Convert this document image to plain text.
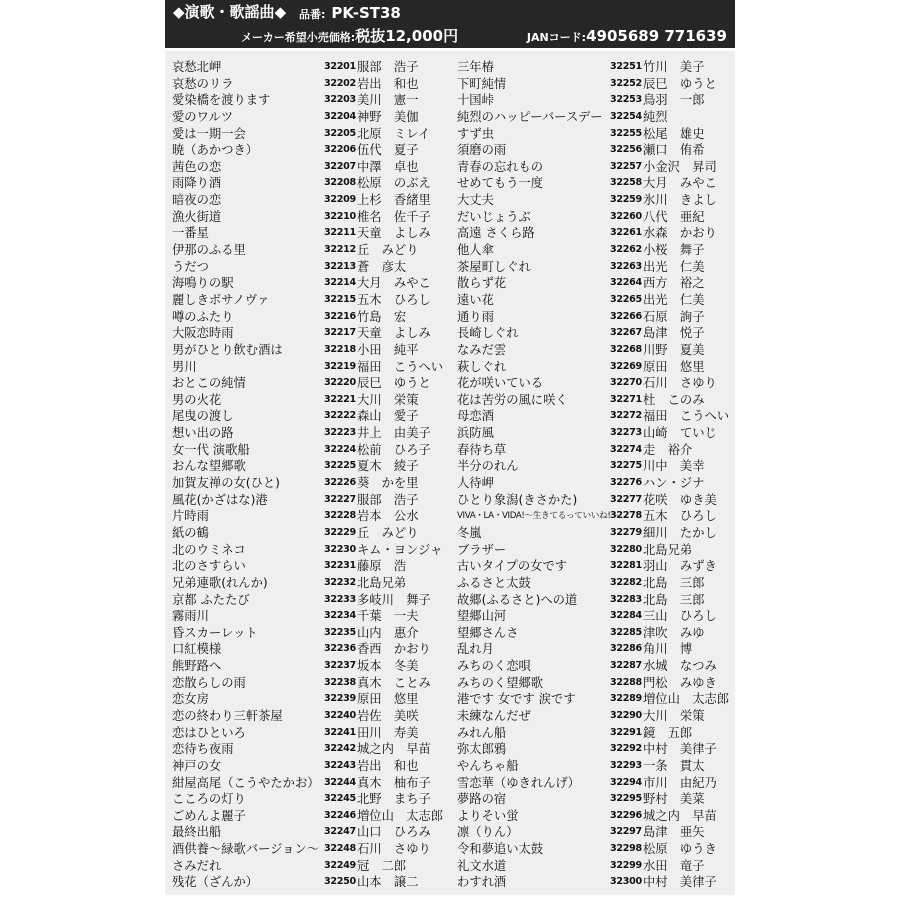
◆演歌・歌謡曲◆ 品番: PK-ST38
メーカー希望小売価格:税抜12,000円	JANコード:4905689 771639
哀愁北岬	32201 服部　浩子
哀愁のリラ	32202 岩出　和也
愛染橋を渡ります	32203 美川　憲一
愛のワルツ	32204 神野　美伽
愛は一期一会	32205 北原　ミレイ
暁（あかつき）	32206 伍代　夏子
茜色の恋	32207 中澤　卓也
雨降り酒	32208 松原　のぶえ
暗夜の恋	32209 上杉　香緒里
漁火街道	32210 椎名　佐千子
一番星	32211 天童　よしみ
伊那のふる里	32212 丘　みどり
うだつ	32213 蒼　彦太
海鳴りの駅	32214 大月　みやこ
麗しきボサノヴァ	32215 五木　ひろし
噂のふたり	32216 竹島　宏
大阪恋時雨	32217 天童　よしみ
男がひとり飲む酒は	32218 小田　純平
男川	32219 福田　こうへい
おとこの純情	32220 辰巳　ゆうと
男の火花	32221 大川　栄策
尾曳の渡し	32222 森山　愛子
想い出の路	32223 井上　由美子
女一代 演歌船	32224 松前　ひろ子
おんな望郷歌	32225 夏木　綾子
加賀友禅の女(ひと)	32226 葵　かを里
風花(かざはな)港	32227 服部　浩子
片時雨	32228 岩本　公水
紙の鶴	32229 丘　みどり
北のウミネコ	32230 キム・ヨンジャ
北のさすらい	32231 藤原　浩
兄弟連歌(れんか)	32232 北島兄弟
京都 ふたたび	32233 多岐川　舞子
霧雨川	32234 千葉　一夫
昏スカーレット	32235 山内　惠介
口紅模様	32236 香西　かおり
熊野路へ	32237 坂本　冬美
恋散らしの雨	32238 真木　ことみ
恋女房	32239 原田　悠里
恋の終わり三軒茶屋	32240 岩佐　美咲
恋はひといろ	32241 田川　寿美
恋待ち夜雨	32242 城之内　早苗
神戸の女	32243 岩出　和也
紺屋高尾（こうやたかお） 32244 真木　柚布子
こころの灯り	32245 北野　まち子
ごめんよ麗子	32246 増位山　太志郎
最終出船	32247 山口　ひろみ
酒供養～緑歌バージョン～ 32248 石川　さゆり
さみだれ	32249 冠　二郎
残花（ざんか）	32250 山本　譲二
三年椿	32251 竹川　美子
下町純情	32252 辰巳　ゆうと
十国峠	32253 鳥羽　一郎
純烈のハッピーバースデー 32254 純烈
すず虫	32255 松尾　雄史
須磨の雨	32256 瀬口　侑希
青春の忘れもの	32257 小金沢　昇司
せめてもう一度	32258 大月　みやこ
大丈夫	32259 氷川　きよし
だいじょうぶ	32260 八代　亜紀
高遠 さくら路	32261 水森　かおり
他人傘	32262 小桜　舞子
茶屋町しぐれ	32263 出光　仁美
散らず花	32264 西方　裕之
遠い花	32265 出光　仁美
通り雨	32266 石原　詢子
長崎しぐれ	32267 島津　悦子
なみだ雲	32268 川野　夏美
萩しぐれ	32269 原田　悠里
花が咲いている	32270 石川　さゆり
花は苦労の風に咲く	32271 杜　このみ
母恋酒	32272 福田　こうへい
浜防風	32273 山崎　ていじ
春待ち草	32274 走　裕介
半分のれん	32275 川中　美幸
人待岬	32276 ハン・ジナ
ひとり象潟(きさかた)	32277 花咲　ゆき美
VIVA・LA・VIDA!～生きてるっていいね!～
32278 五木　ひろし
冬嵐	32279 細川　たかし
ブラザー	32280 北島兄弟
古いタイプの女です	32281 羽山　みずき
ふるさと太鼓	32282 北島　三郎
故郷(ふるさと)への道	32283 北島　三郎
望郷山河	32284 三山　ひろし
望郷さんさ	32285 津吹　みゆ
乱れ月	32286 角川　博
みちのく恋唄	32287 水城　なつみ
みちのく望郷歌	32288 門松　みゆき
港です 女です 涙です	32289 増位山　太志郎
未練なんだぜ	32290 大川　栄策
みれん船	32291 鏡　五郎
弥太郎鴉	32292 中村　美律子
やんちゃ船	32293 一条　貫太
雪恋華（ゆきれんげ）	32294 市川　由紀乃
夢路の宿	32295 野村　美菜
よりそい蛍	32296 城之内　早苗
凛（りん）	32297 島津　亜矢
令和夢追い太鼓	32298 松原　ゆうき
礼文水道	32299 水田　竜子
わすれ酒	32300 中村　美律子
